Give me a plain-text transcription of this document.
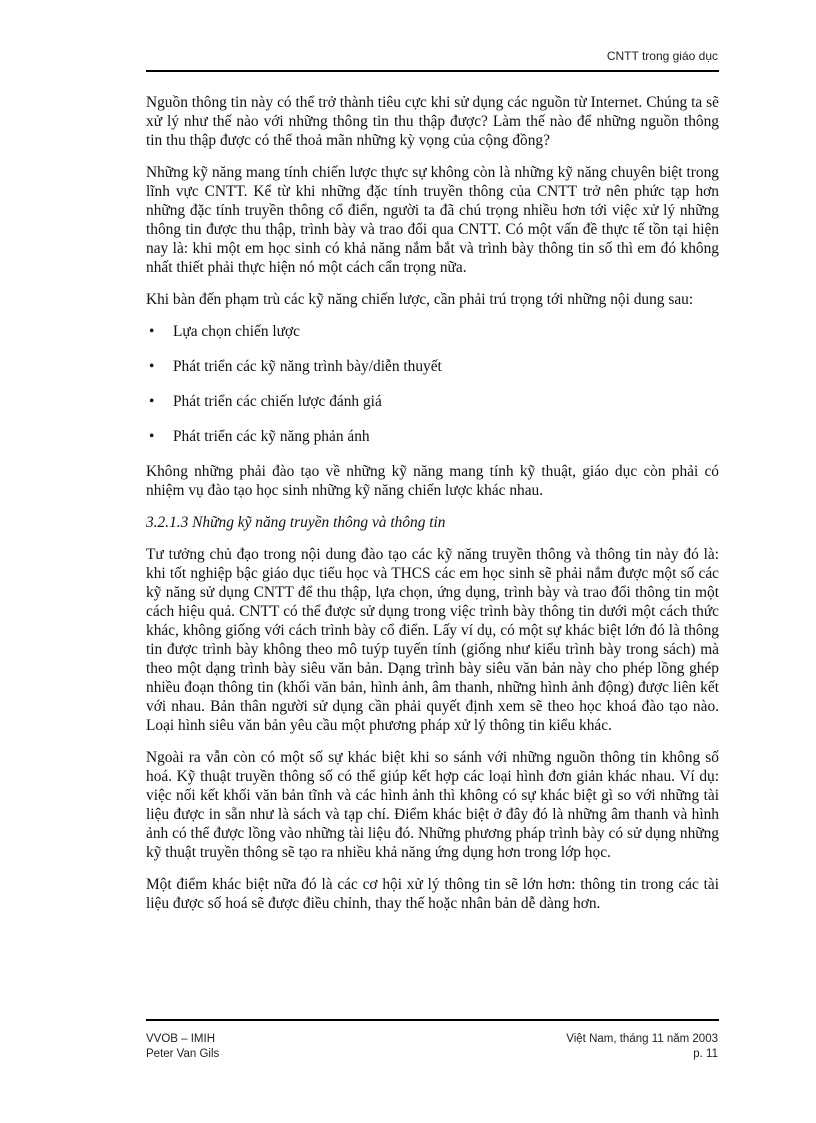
CNTT trong giáo dục

Nguồn thông tin này có thể trở thành tiêu cực khi sử dụng các nguồn từ Internet. Chúng ta sẽ xử lý như thế nào với những thông tin thu thập được? Làm thế nào để những nguồn thông tin thu thập được có thể thoả mãn những kỳ vọng của cộng đồng?

Những kỹ năng mang tính chiến lược thực sự không còn là những kỹ năng chuyên biệt trong lĩnh vực CNTT. Kể từ khi những đặc tính truyền thông của CNTT trở nên phức tạp hơn những đặc tính truyền thông cổ điển, người ta đã chú trọng nhiều hơn tới việc xử lý những thông tin được thu thập, trình bày và trao đổi qua CNTT. Có một vấn đề thực tế tồn tại hiện nay là: khi một em học sinh có khả năng nắm bắt và trình bày thông tin số thì em đó không nhất thiết phải thực hiện nó một cách cẩn trọng nữa.

Khi bàn đến phạm trù các kỹ năng chiến lược, cần phải trú trọng tới những nội dung sau:

• Lựa chọn chiến lược
• Phát triển các kỹ năng trình bày/diễn thuyết
• Phát triển các chiến lược đánh giá
• Phát triển các kỹ năng phản ánh

Không những phải đào tạo về những kỹ năng mang tính kỹ thuật, giáo dục còn phải có nhiệm vụ đào tạo học sinh những kỹ năng chiến lược khác nhau.

3.2.1.3 Những kỹ năng truyền thông và thông tin

Tư tưởng chủ đạo trong nội dung đào tạo các kỹ năng truyền thông và thông tin này đó là: khi tốt nghiệp bậc giáo dục tiểu học và THCS các em học sinh sẽ phải nắm được một số các kỹ năng sử dụng CNTT để thu thập, lựa chọn, ứng dụng, trình bày và trao đổi thông tin một cách hiệu quả. CNTT có thể được sử dụng trong việc trình bày thông tin dưới một cách thức khác, không giống với cách trình bày cổ điển. Lấy ví dụ, có một sự khác biệt lớn đó là thông tin được trình bày không theo mô tuýp tuyến tính (giống như kiểu trình bày trong sách) mà theo một dạng trình bày siêu văn bản. Dạng trình bày siêu văn bản này cho phép lồng ghép nhiều đoạn thông tin (khối văn bản, hình ảnh, âm thanh, những hình ảnh động) được liên kết với nhau. Bản thân người sử dụng cần phải quyết định xem sẽ theo học khoá đào tạo nào. Loại hình siêu văn bản yêu cầu một phương pháp xử lý thông tin kiểu khác.

Ngoài ra vẫn còn có một số sự khác biệt khi so sánh với những nguồn thông tin không số hoá. Kỹ thuật truyền thông số có thể giúp kết hợp các loại hình đơn giản khác nhau. Ví dụ: việc nối kết khối văn bản tĩnh và các hình ảnh thì không có sự khác biệt gì so với những tài liệu được in sẵn như là sách và tạp chí. Điểm khác biệt ở đây đó là những âm thanh và hình ảnh có thể được lồng vào những tài liệu đó. Những phương pháp trình bày có sử dụng những kỹ thuật truyền thông sẽ tạo ra nhiều khả năng ứng dụng hơn trong lớp học.

Một điểm khác biệt nữa đó là các cơ hội xử lý thông tin sẽ lớn hơn: thông tin trong các tài liệu được số hoá sẽ được điều chỉnh, thay thế hoặc nhân bản dễ dàng hơn.

VVOB – IMIH
Peter Van Gils
Việt Nam, tháng 11 năm 2003
p. 11
